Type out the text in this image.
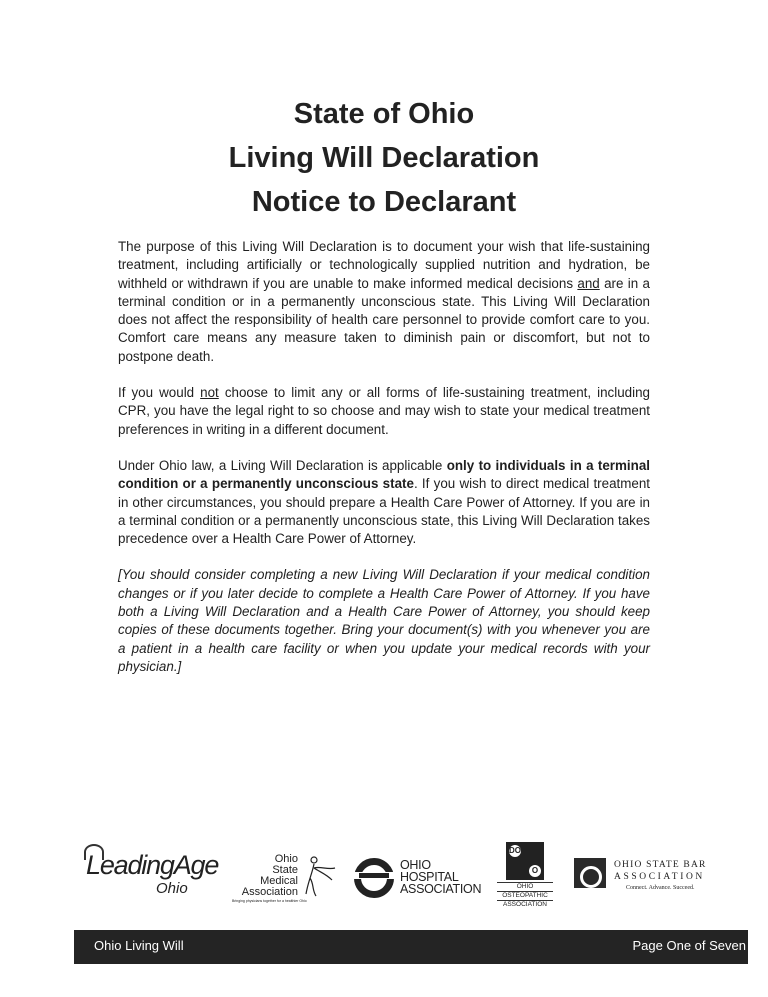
State of Ohio
Living Will Declaration
Notice to Declarant

The purpose of this Living Will Declaration is to document your wish that life-sustaining treatment, including artificially or technologically supplied nutrition and hydration, be withheld or withdrawn if you are unable to make informed medical decisions and are in a terminal condition or in a permanently unconscious state. This Living Will Declaration does not affect the responsibility of health care personnel to provide comfort care to you. Comfort care means any measure taken to diminish pain or discomfort, but not to postpone death.

If you would not choose to limit any or all forms of life-sustaining treatment, including CPR, you have the legal right to so choose and may wish to state your medical treatment preferences in writing in a different document.

Under Ohio law, a Living Will Declaration is applicable only to individuals in a terminal condition or a permanently unconscious state. If you wish to direct medical treatment in other circumstances, you should prepare a Health Care Power of Attorney. If you are in a terminal condition or a permanently unconscious state, this Living Will Declaration takes precedence over a Health Care Power of Attorney.

[You should consider completing a new Living Will Declaration if your medical condition changes or if you later decide to complete a Health Care Power of Attorney. If you have both a Living Will Declaration and a Health Care Power of Attorney, you should keep copies of these documents together. Bring your document(s) with you whenever you are a patient in a health care facility or when you update your medical records with your physician.]

LeadingAge
Ohio
Ohio
State Medical
Association
Bringing physicians together for a healthier Ohio
OHIO
HOSPITAL
ASSOCIATION
DO
O
OHIO
OSTEOPATHIC
ASSOCIATION
OHIO STATE BAR
ASSOCIATION
Connect. Advance. Succeed.
Ohio Living Will	Page One of Seven
